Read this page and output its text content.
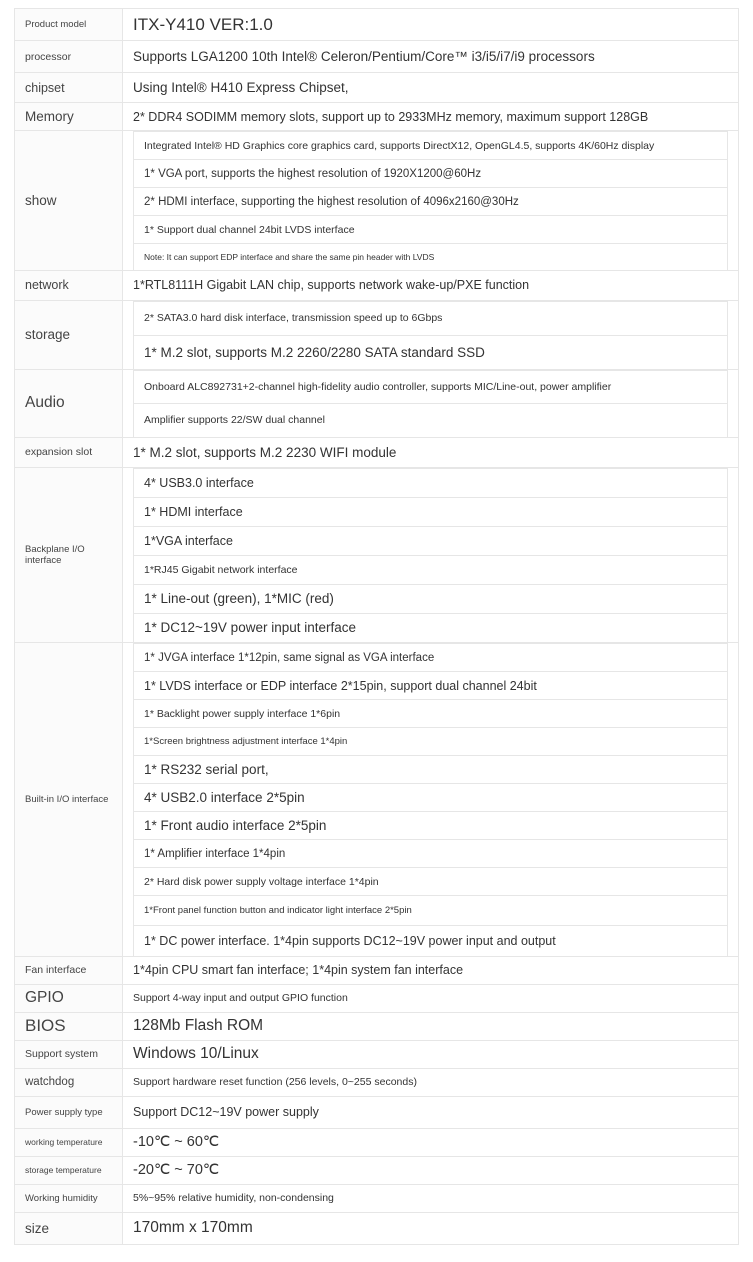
Product model	ITX-Y410 VER:1.0
processor	Supports LGA1200 10th Intel® Celeron/Pentium/Core™ i3/i5/i7/i9 processors
chipset	Using Intel® H410 Express Chipset,
Memory	2* DDR4 SODIMM memory slots, support up to 2933MHz memory, maximum support 128GB
show	
Integrated Intel® HD Graphics core graphics card, supports DirectX12, OpenGL4.5, supports 4K/60Hz display
1* VGA port, supports the highest resolution of 1920X1200@60Hz
2* HDMI interface, supporting the highest resolution of 4096x2160@30Hz
1* Support dual channel 24bit LVDS interface
Note: It can support EDP interface and share the same pin header with LVDS

network	1*RTL8111H Gigabit LAN chip, supports network wake-up/PXE function
storage	
2* SATA3.0 hard disk interface, transmission speed up to 6Gbps
1* M.2 slot, supports M.2 2260/2280 SATA standard SSD

Audio	
Onboard ALC892731+2-channel high-fidelity audio controller, supports MIC/Line-out, power amplifier
Amplifier supports 22/SW dual channel

expansion slot	1* M.2 slot, supports M.2 2230 WIFI module
Backplane I/O interface	
4* USB3.0 interface
1* HDMI interface
1*VGA interface
1*RJ45 Gigabit network interface
1* Line-out (green), 1*MIC (red)
1* DC12~19V power input interface

Built-in I/O interface	
1* JVGA interface 1*12pin, same signal as VGA interface
1* LVDS interface or EDP interface 2*15pin, support dual channel 24bit
1* Backlight power supply interface 1*6pin
1*Screen brightness adjustment interface 1*4pin
1* RS232 serial port,
4* USB2.0 interface 2*5pin
1* Front audio interface 2*5pin
1* Amplifier interface 1*4pin
2* Hard disk power supply voltage interface 1*4pin
1*Front panel function button and indicator light interface 2*5pin
1* DC power interface. 1*4pin supports DC12~19V power input and output

Fan interface	1*4pin CPU smart fan interface; 1*4pin system fan interface
GPIO	Support 4-way input and output GPIO function
BIOS	128Mb Flash ROM
Support system	Windows 10/Linux
watchdog	Support hardware reset function (256 levels, 0~255 seconds)
Power supply type	Support DC12~19V power supply
working temperature	-10℃ ~ 60℃
storage temperature	-20℃ ~ 70℃
Working humidity	5%~95% relative humidity, non-condensing
size	170mm x 170mm
